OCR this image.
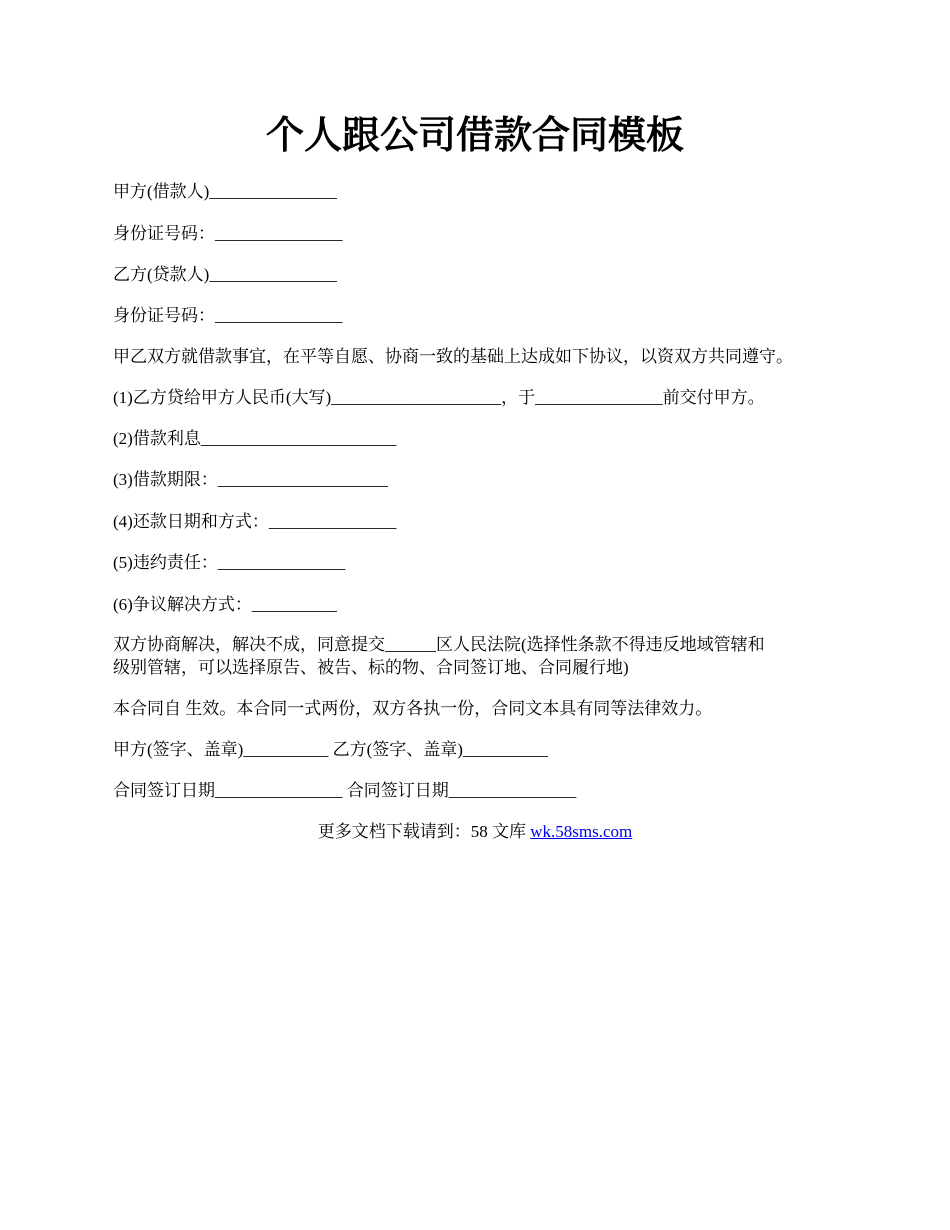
个人跟公司借款合同模板

甲方(借款人)_______________

身份证号码：_______________

乙方(贷款人)_______________

身份证号码：_______________

甲乙双方就借款事宜，在平等自愿、协商一致的基础上达成如下协议，以资双方共同遵守。

(1)乙方贷给甲方人民币(大写)____________________，于_______________前交付甲方。

(2)借款利息_______________________

(3)借款期限：____________________

(4)还款日期和方式：_______________

(5)违约责任：_______________

(6)争议解决方式：__________

双方协商解决，解决不成，同意提交______区人民法院(选择性条款不得违反地域管辖和

级别管辖，可以选择原告、被告、标的物、合同签订地、合同履行地)

本合同自 生效。本合同一式两份，双方各执一份，合同文本具有同等法律效力。

甲方(签字、盖章)__________ 乙方(签字、盖章)__________

合同签订日期_______________ 合同签订日期_______________

更多文档下载请到：58 文库 wk.58sms.com
